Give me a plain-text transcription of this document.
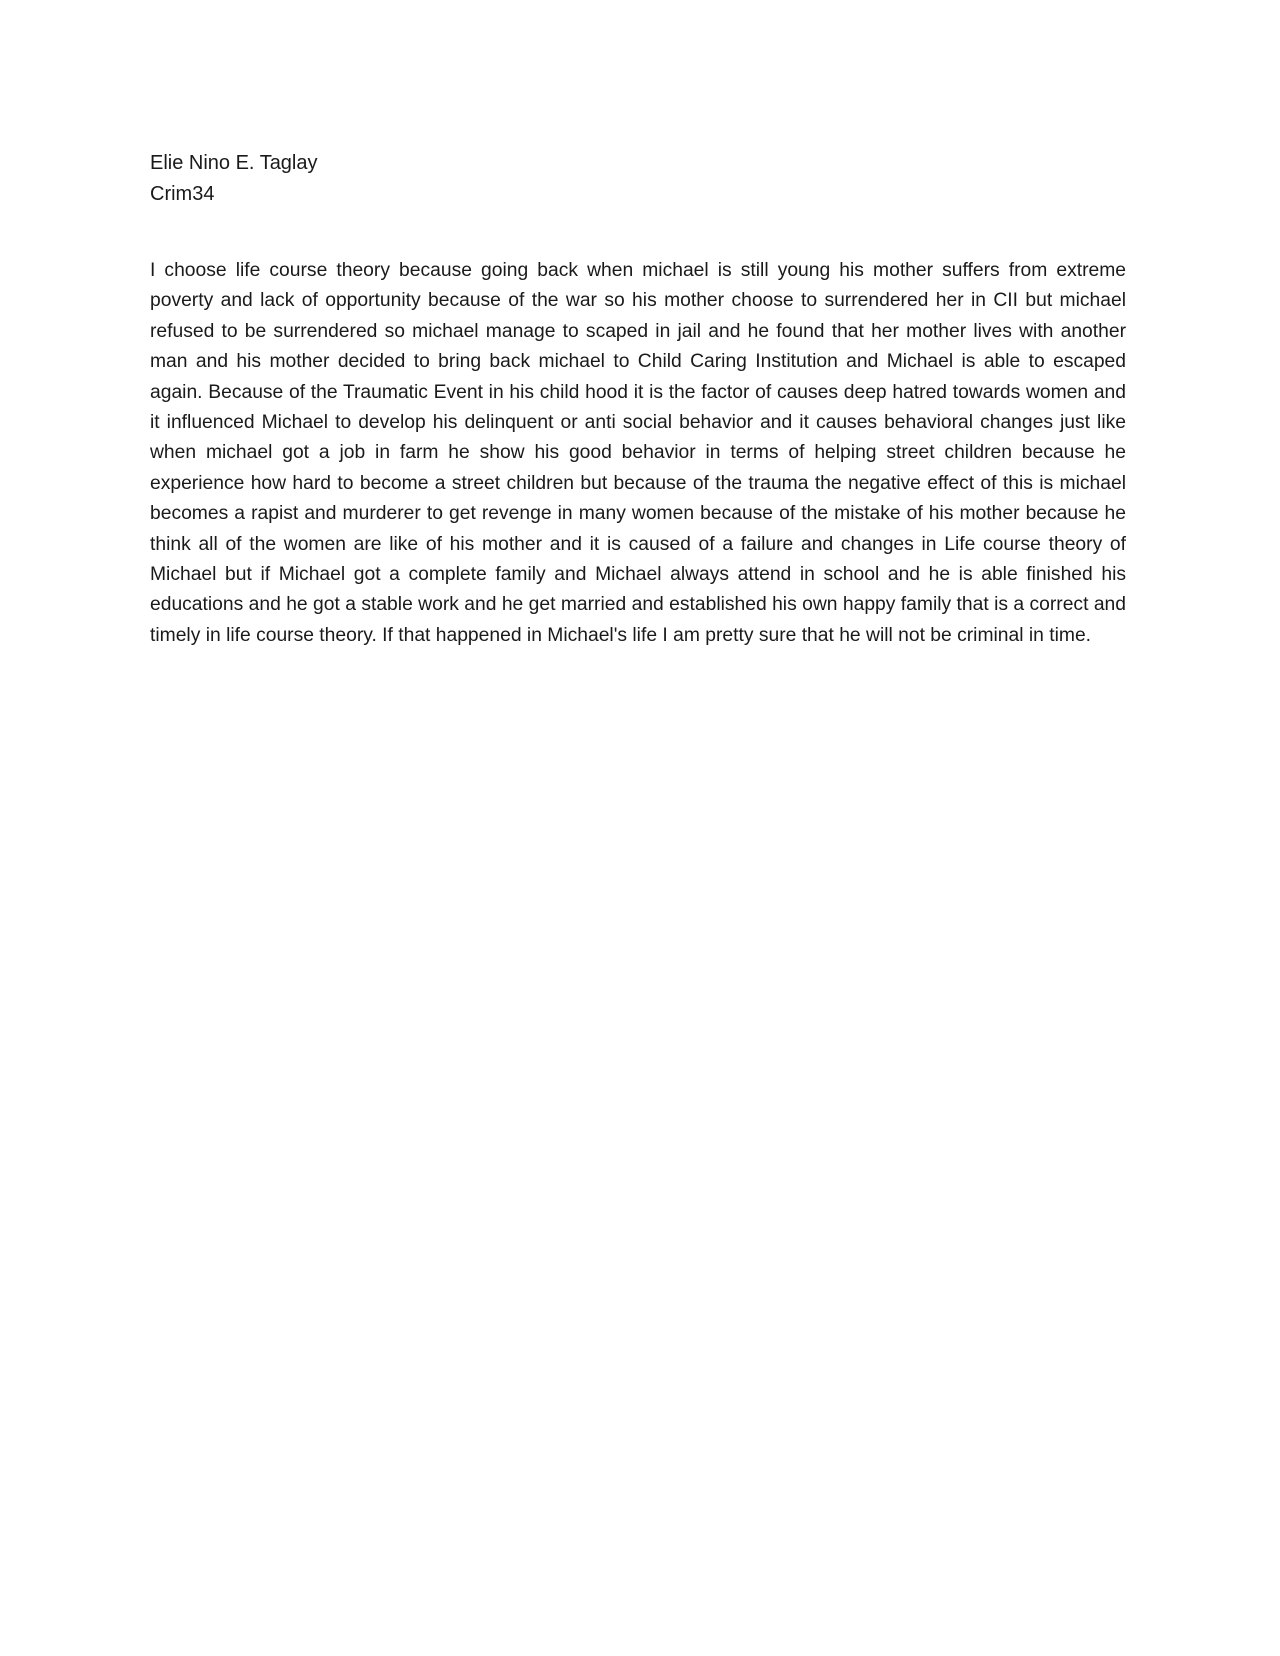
Elie Nino E. Taglay
Crim34

I choose life course theory because going back when michael is still young his mother suffers from extreme poverty and lack of opportunity because of the war so his mother choose to surrendered her in CII but michael refused to be surrendered so michael manage to scaped in jail and he found that her mother lives with another man and his mother decided to bring back michael to Child Caring Institution and Michael is able to escaped again. Because of the Traumatic Event in his child hood it is the factor of causes deep hatred towards women and it influenced Michael to develop his delinquent or anti social behavior and it causes behavioral changes just like when michael got a job in farm he show his good behavior in terms of helping street children because he experience how hard to become a street children but because of the trauma the negative effect of this is michael becomes a rapist and murderer to get revenge in many women because of the mistake of his mother because he think all of the women are like of his mother and it is caused of a failure and changes in Life course theory of Michael but if Michael got a complete family and Michael always attend in school and he is able finished his educations and he got a stable work and he get married and established his own happy family that is a correct and timely in life course theory. If that happened in Michael's life I am pretty sure that he will not be criminal in time.
